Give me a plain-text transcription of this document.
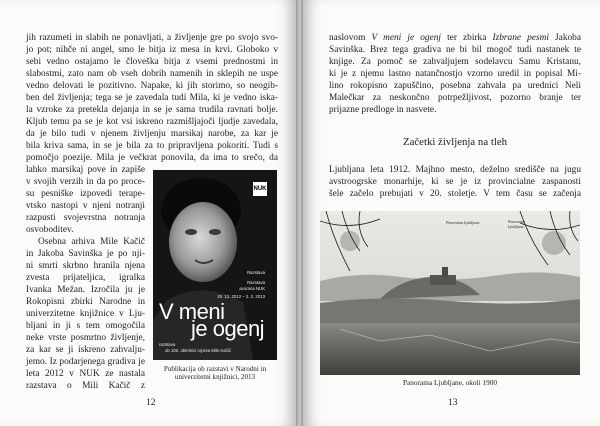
jih razumeti in slabih ne ponavljati, a življenje gre po svojo svo-
jo pot; nihče ni angel, smo le bitja iz mesa in krvi. Globoko v
sebi vedno ostajamo le človeška bitja z vsemi prednostmi in
slabostmi, zato nam ob vseh dobrih namenih in sklepih ne uspe
vedno delovati le pozitivno. Napake, ki jih storimo, so neogib-
ben del življenja; tega se je zavedala tudi Mila, ki je vedno iska-
la vzroke za pretekla dejanja in se je sama trudila ravnati bolje.
Kljub temu pa se je kot vsi iskreno razmišljajoči ljudje zavedala,
da je bilo tudi v njenem življenju marsikaj narobe, za kar je
bila kriva sama, in se je bila za to pripravljena pokoriti. Tudi s
pomočjo poezije. Mila je večkrat ponovila, da ima to srečo, da
lahko marsikaj pove in zapiše
v svojih verzih in da po proce-
su pesniške izpovedi terape-
vtsko nastopi v njeni notranji
razpusti svojevrstna notranja
osvoboditev.
Osebna arhiva Mile Kačič
in Jakoba Savinška je po nji-
ni smrti skrbno hranila njena
zvesta prijateljica, igralka
Ivanka Mežan. Izročila ju je
Rokopisni zbirki Narodne in
univerzitetne knjižnice v Lju-
bljani in ji s tem omogočila
neke vrste posmrtno življenje,
za kar se ji iskreno zahvalju-
jemo. Iz podarjenega gradiva je
leta 2012 v NUK ze nastala
razstava o Mili Kačič z
NUK
Razstava
Razstava
avorana NUK
20. 12. 2012 – 2. 2. 2013
V meni
je ogenj
razstava
ob 100. obletnici rojstva Mile Kačič
Publikacija ob razstavi v Narodni in
univerzitetni knjižnici, 2013
12
naslovom V meni je ogenj ter zbirka Izbrane pesmi Jakoba
Savinška. Brez tega gradiva ne bi bil mogoč tudi nastanek te
knjige. Za pomoč se zahvaljujem sodelavcu Samu Kristanu,
ki je z njemu lastno natančnostjo vzorno uredil in popisal Mi-
lino rokopisno zapuščino, posebna zahvala pa urednici Neli
Malečkar za neskončno potrpežljivost, pozorno branje ter
prijazne predloge in nasvete.
Začetki življenja na tleh
Ljubljana leta 1912. Majhno mesto, deželno središče na jugu
avstroogrske monarhije, ki se je iz provincialne zaspanosti
šele začelo prebujati v 20. stoletje. V tem času se začenja
Panorama Ljubljana	Panorama
Ljubljana
Panorama Ljubljane, okoli 1900
13
